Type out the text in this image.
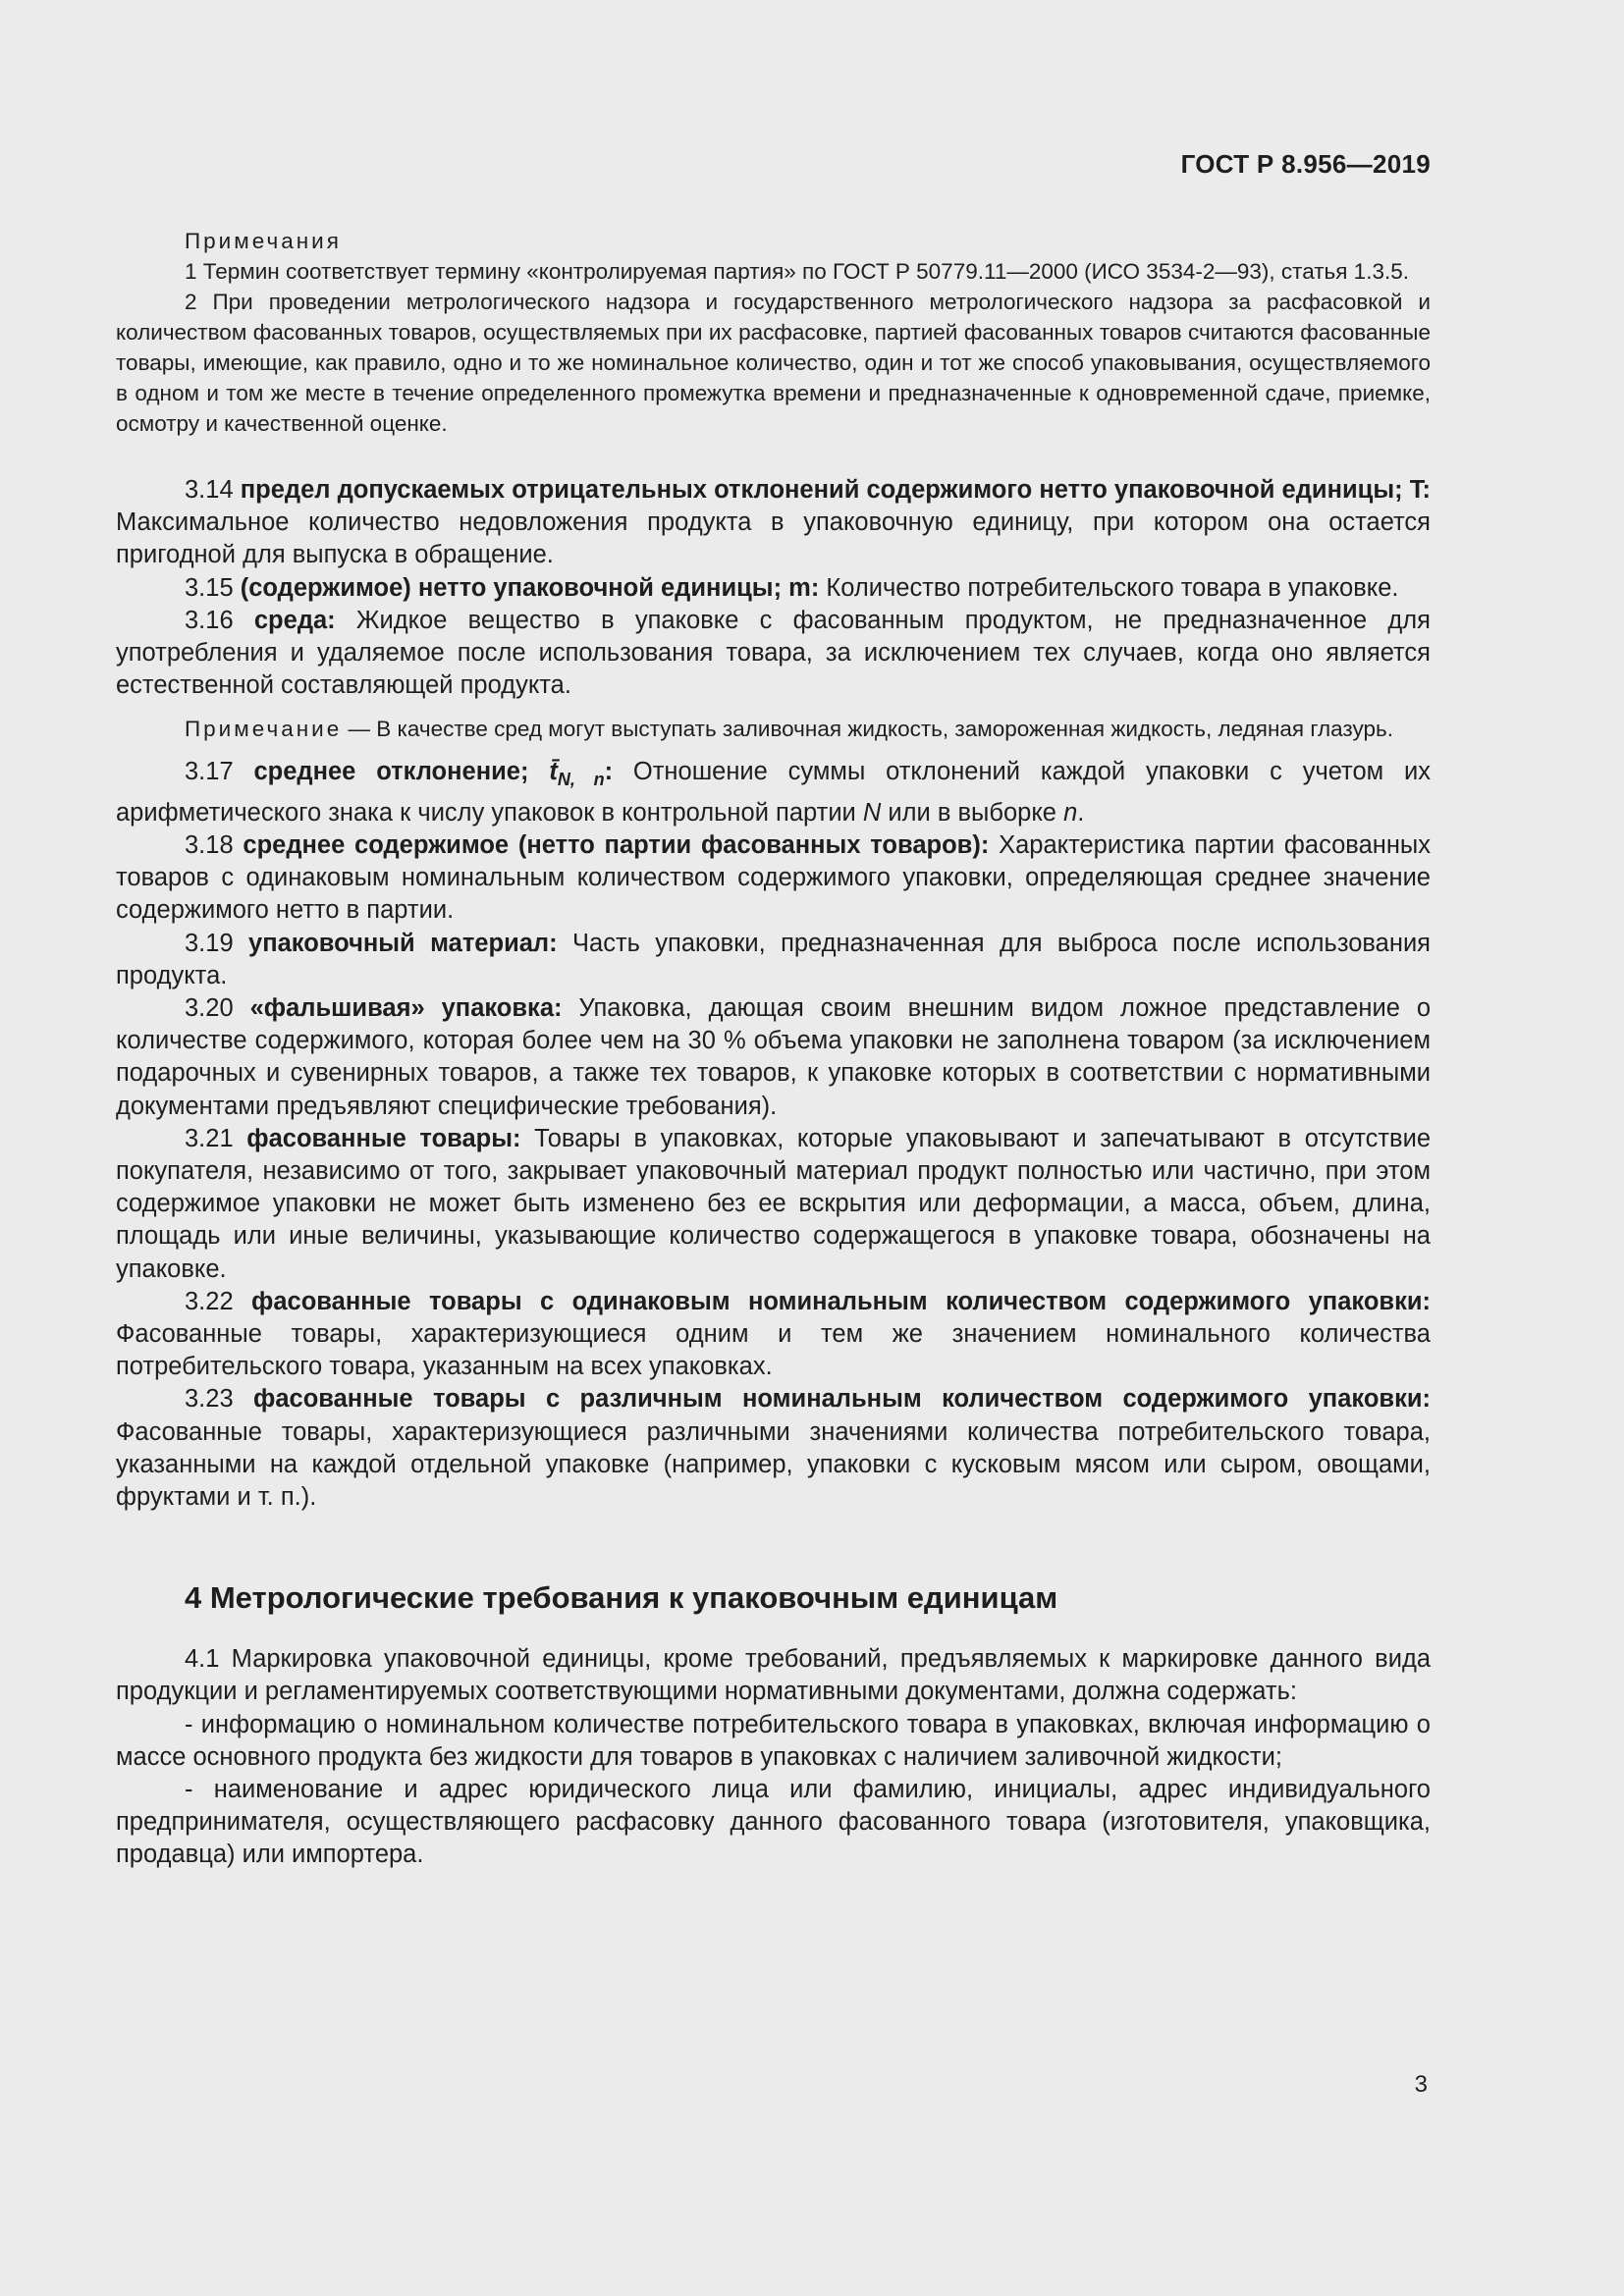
ГОСТ Р 8.956—2019

Примечания

1 Термин соответствует термину «контролируемая партия» по ГОСТ Р 50779.11—2000 (ИСО 3534-2—93), статья 1.3.5.

2 При проведении метрологического надзора и государственного метрологического надзора за расфасовкой и количеством фасованных товаров, осуществляемых при их расфасовке, партией фасованных товаров считаются фасованные товары, имеющие, как правило, одно и то же номинальное количество, один и тот же способ упаковывания, осуществляемого в одном и том же месте в течение определенного промежутка времени и предназначенные к одновременной сдаче, приемке, осмотру и качественной оценке.

3.14 предел допускаемых отрицательных отклонений содержимого нетто упаковочной единицы; T: Максимальное количество недовложения продукта в упаковочную единицу, при котором она остается пригодной для выпуска в обращение.

3.15 (содержимое) нетто упаковочной единицы; m: Количество потребительского товара в упаковке.

3.16 среда: Жидкое вещество в упаковке с фасованным продуктом, не предназначенное для употребления и удаляемое после использования товара, за исключением тех случаев, когда оно является естественной составляющей продукта.

Примечание — В качестве сред могут выступать заливочная жидкость, замороженная жидкость, ледяная глазурь.

3.17 среднее отклонение; $t̄_{N, n}$: Отношение суммы отклонений каждой упаковки с учетом их арифметического знака к числу упаковок в контрольной партии N или в выборке n.

3.18 среднее содержимое (нетто партии фасованных товаров): Характеристика партии фасованных товаров с одинаковым номинальным количеством содержимого упаковки, определяющая среднее значение содержимого нетто в партии.

3.19 упаковочный материал: Часть упаковки, предназначенная для выброса после использования продукта.

3.20 «фальшивая» упаковка: Упаковка, дающая своим внешним видом ложное представление о количестве содержимого, которая более чем на 30 % объема упаковки не заполнена товаром (за исключением подарочных и сувенирных товаров, а также тех товаров, к упаковке которых в соответствии с нормативными документами предъявляют специфические требования).

3.21 фасованные товары: Товары в упаковках, которые упаковывают и запечатывают в отсутствие покупателя, независимо от того, закрывает упаковочный материал продукт полностью или частично, при этом содержимое упаковки не может быть изменено без ее вскрытия или деформации, а масса, объем, длина, площадь или иные величины, указывающие количество содержащегося в упаковке товара, обозначены на упаковке.

3.22 фасованные товары с одинаковым номинальным количеством содержимого упаковки: Фасованные товары, характеризующиеся одним и тем же значением номинального количества потребительского товара, указанным на всех упаковках.

3.23 фасованные товары с различным номинальным количеством содержимого упаковки: Фасованные товары, характеризующиеся различными значениями количества потребительского товара, указанными на каждой отдельной упаковке (например, упаковки с кусковым мясом или сыром, овощами, фруктами и т. п.).

4 Метрологические требования к упаковочным единицам

4.1 Маркировка упаковочной единицы, кроме требований, предъявляемых к маркировке данного вида продукции и регламентируемых соответствующими нормативными документами, должна содержать:

- информацию о номинальном количестве потребительского товара в упаковках, включая информацию о массе основного продукта без жидкости для товаров в упаковках с наличием заливочной жидкости;

- наименование и адрес юридического лица или фамилию, инициалы, адрес индивидуального предпринимателя, осуществляющего расфасовку данного фасованного товара (изготовителя, упаковщика, продавца) или импортера.

3
